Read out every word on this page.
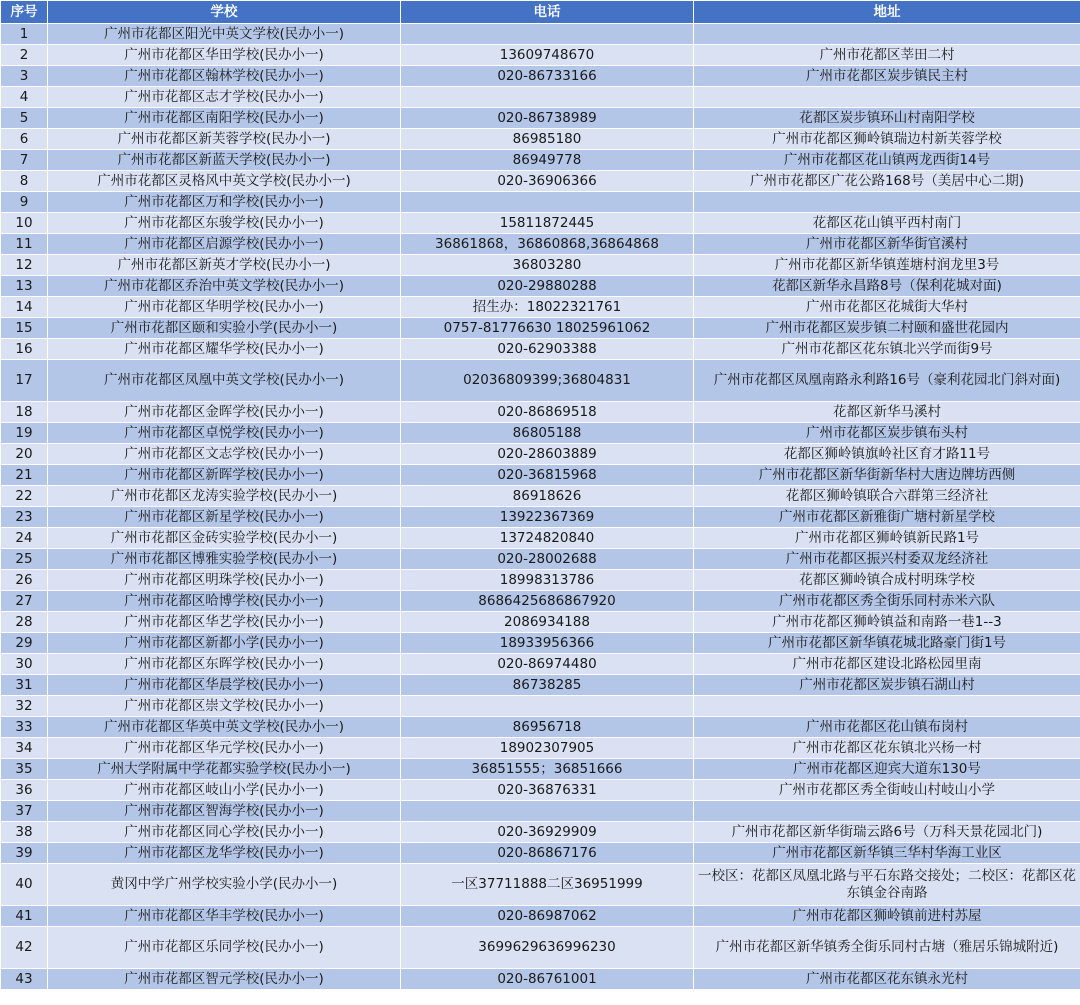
序号	学校	电话	地址
1	广州市花都区阳光中英文学校(民办小一)		
2	广州市花都区华田学校(民办小一)	13609748670	广州市花都区莘田二村
3	广州市花都区翰林学校(民办小一)	020-86733166	广州市花都区炭步镇民主村
4	广州市花都区志才学校(民办小一)		
5	广州市花都区南阳学校(民办小一)	020-86738989	花都区炭步镇环山村南阳学校
6	广州市花都区新芙蓉学校(民办小一)	86985180	广州市花都区狮岭镇瑞边村新芙蓉学校
7	广州市花都区新蓝天学校(民办小一)	86949778	广州市花都区花山镇两龙西街14号
8	广州市花都区灵格风中英文学校(民办小一)	020-36906366	广州市花都区广花公路168号（美居中心二期)
9	广州市花都区万和学校(民办小一)		
10	广州市花都区东骏学校(民办小一)	15811872445	花都区花山镇平西村南门
11	广州市花都区启源学校(民办小一)	36861868，36860868,36864868	广州市花都区新华街官溪村
12	广州市花都区新英才学校(民办小一)	36803280	广州市花都区新华镇莲塘村润龙里3号
13	广州市花都区乔治中英文学校(民办小一)	020-29880288	花都区新华永昌路8号（保利花城对面)
14	广州市花都区华明学校(民办小一)	招生办：18022321761	广州市花都区花城街大华村
15	广州市花都区颐和实验小学(民办小一)	0757-81776630 18025961062	广州市花都区炭步镇二村颐和盛世花园内
16	广州市花都区耀华学校(民办小一)	020-62903388	广州市花都区花东镇北兴学而街9号
17	广州市花都区凤凰中英文学校(民办小一)	02036809399;36804831	广州市花都区凤凰南路永利路16号（豪利花园北门斜对面)
18	广州市花都区金晖学校(民办小一)	020-86869518	花都区新华马溪村
19	广州市花都区卓悦学校(民办小一)	86805188	广州市花都区炭步镇布头村
20	广州市花都区文志学校(民办小一)	020-28603889	花都区狮岭镇旗岭社区育才路11号
21	广州市花都区新晖学校(民办小一)	020-36815968	广州市花都区新华街新华村大唐边牌坊西侧
22	广州市花都区龙涛实验学校(民办小一)	86918626	花都区狮岭镇联合六群第三经济社
23	广州市花都区新星学校(民办小一)	13922367369	广州市花都区新雅街广塘村新星学校
24	广州市花都区金砖实验学校(民办小一)	13724820840	广州市花都区狮岭镇新民路1号
25	广州市花都区博雅实验学校(民办小一)	020-28002688	广州市花都区振兴村委双龙经济社
26	广州市花都区明珠学校(民办小一)	18998313786	花都区狮岭镇合成村明珠学校
27	广州市花都区哈博学校(民办小一)	8686425686867920	广州市花都区秀全街乐同村赤米六队
28	广州市花都区华艺学校(民办小一)	2086934188	广州市花都区狮岭镇益和南路一巷1--3
29	广州市花都区新都小学(民办小一)	18933956366	广州市花都区新华镇花城北路豪门街1号
30	广州市花都区东晖学校(民办小一)	020-86974480	广州市花都区建设北路松园里南
31	广州市花都区华晨学校(民办小一)	86738285	广州市花都区炭步镇石湖山村
32	广州市花都区崇文学校(民办小一)		
33	广州市花都区华英中英文学校(民办小一)	86956718	广州市花都区花山镇布岗村
34	广州市花都区华元学校(民办小一)	18902307905	广州市花都区花东镇北兴杨一村
35	广州大学附属中学花都实验学校(民办小一)	36851555；36851666	广州市花都区迎宾大道东130号
36	广州市花都区岐山小学(民办小一)	020-36876331	广州市花都区秀全街岐山村岐山小学
37	广州市花都区智海学校(民办小一)		
38	广州市花都区同心学校(民办小一)	020-36929909	广州市花都区新华街瑞云路6号（万科天景花园北门)
39	广州市花都区龙华学校(民办小一)	020-86867176	广州市花都区新华镇三华村华海工业区
40	黄冈中学广州学校实验小学(民办小一)	一区37711888二区36951999	一校区：花都区凤凰北路与平石东路交接处；二校区：花都区花东镇金谷南路
41	广州市花都区华丰学校(民办小一)	020-86987062	广州市花都区狮岭镇前进村苏屋
42	广州市花都区乐同学校(民办小一)	3699629636996230	广州市花都区新华镇秀全街乐同村古塘（雅居乐锦城附近)
43	广州市花都区智元学校(民办小一)	020-86761001	广州市花都区花东镇永光村
